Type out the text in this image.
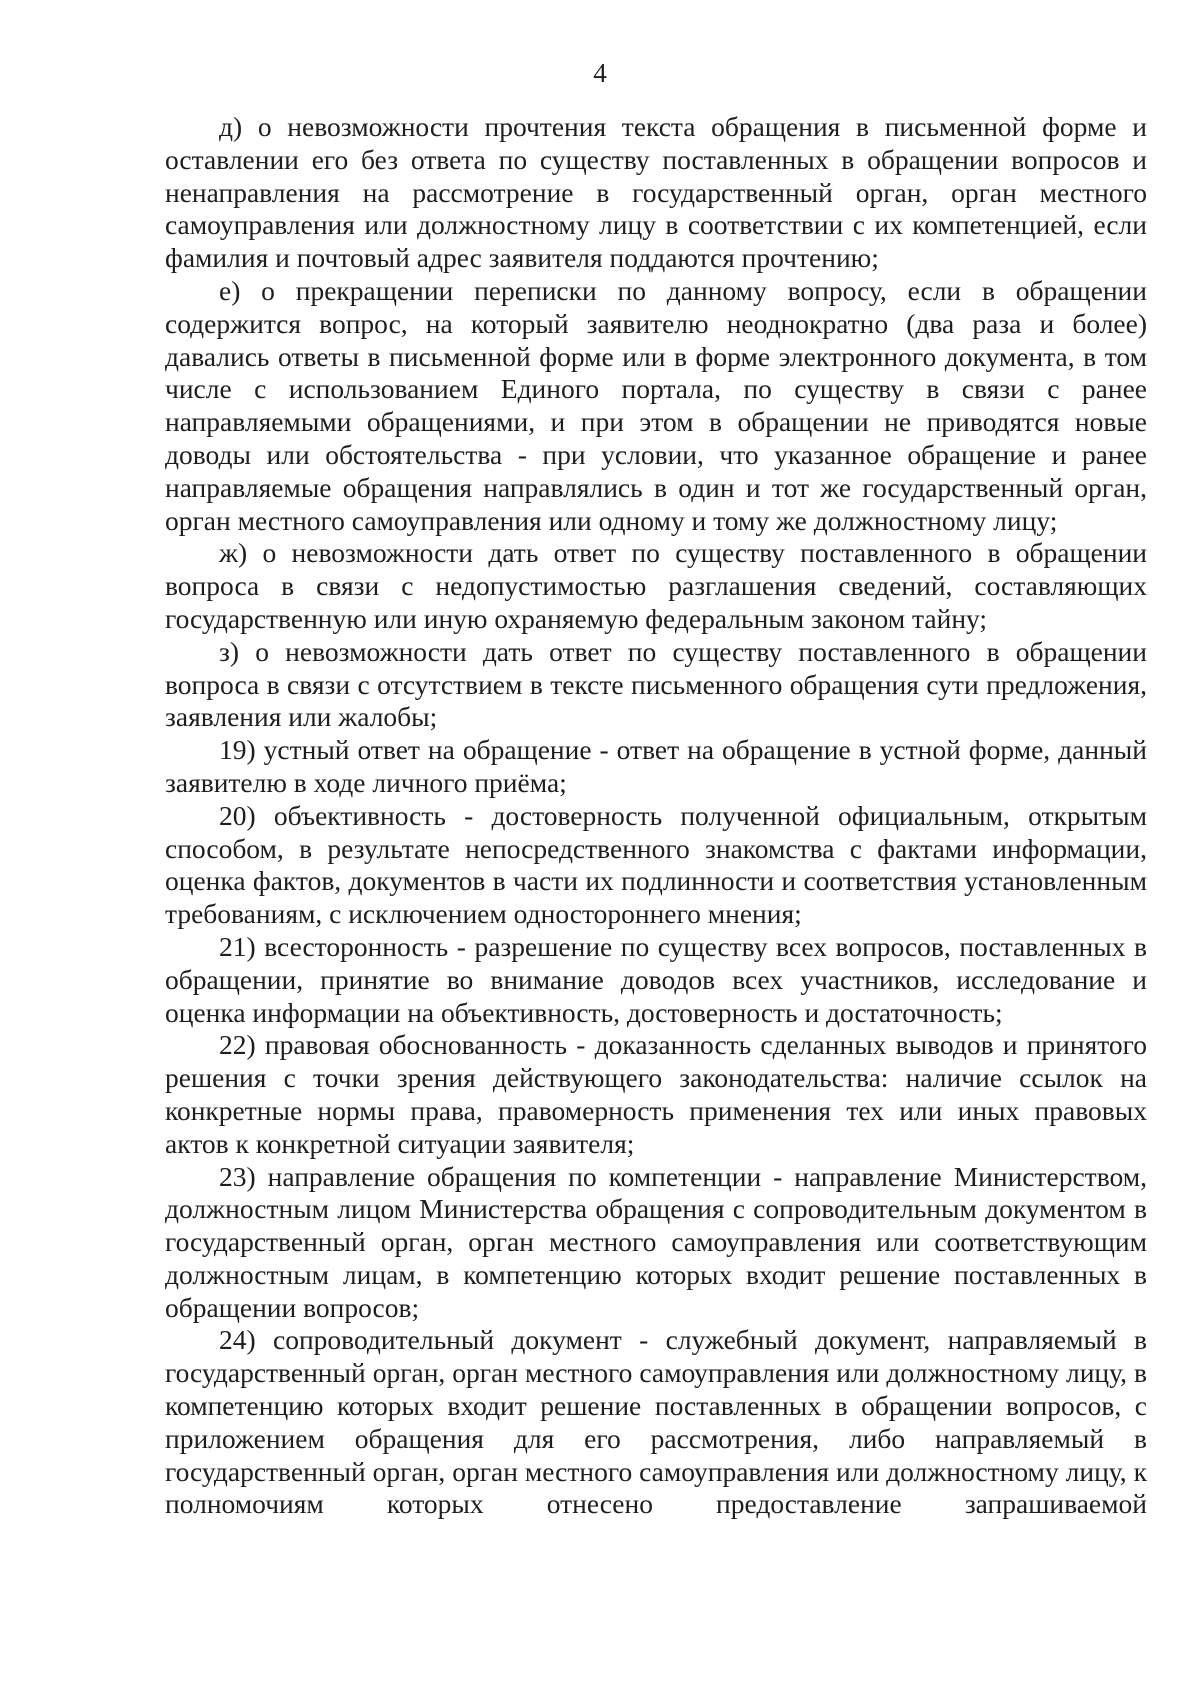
4

д) о невозможности прочтения текста обращения в письменной форме и оставлении его без ответа по существу поставленных в обращении вопросов и ненаправления на рассмотрение в государственный орган, орган местного самоуправления или должностному лицу в соответствии с их компетенцией, если фамилия и почтовый адрес заявителя поддаются прочтению;

е) о прекращении переписки по данному вопросу, если в обращении содержится вопрос, на который заявителю неоднократно (два раза и более) давались ответы в письменной форме или в форме электронного документа, в том числе с использованием Единого портала, по существу в связи с ранее направляемыми обращениями, и при этом в обращении не приводятся новые доводы или обстоятельства - при условии, что указанное обращение и ранее направляемые обращения направлялись в один и тот же государственный орган, орган местного самоуправления или одному и тому же должностному лицу;

ж) о невозможности дать ответ по существу поставленного в обращении вопроса в связи с недопустимостью разглашения сведений, составляющих государственную или иную охраняемую федеральным законом тайну;

з) о невозможности дать ответ по существу поставленного в обращении вопроса в связи с отсутствием в тексте письменного обращения сути предложения, заявления или жалобы;

19) устный ответ на обращение - ответ на обращение в устной форме, данный заявителю в ходе личного приёма;

20) объективность - достоверность полученной официальным, открытым способом, в результате непосредственного знакомства с фактами информации, оценка фактов, документов в части их подлинности и соответствия установленным требованиям, с исключением одностороннего мнения;

21) всесторонность - разрешение по существу всех вопросов, поставленных в обращении, принятие во внимание доводов всех участников, исследование и оценка информации на объективность, достоверность и достаточность;

22) правовая обоснованность - доказанность сделанных выводов и принятого решения с точки зрения действующего законодательства: наличие ссылок на конкретные нормы права, правомерность применения тех или иных правовых актов к конкретной ситуации заявителя;

23) направление обращения по компетенции - направление Министерством, должностным лицом Министерства обращения с сопроводительным документом в государственный орган, орган местного самоуправления или соответствующим должностным лицам, в компетенцию которых входит решение поставленных в обращении вопросов;

24) сопроводительный документ - служебный документ, направляемый в государственный орган, орган местного самоуправления или должностному лицу, в компетенцию которых входит решение поставленных в обращении вопросов, с приложением обращения для его рассмотрения, либо направляемый в государственный орган, орган местного самоуправления или должностному лицу, к полномочиям которых отнесено предоставление запрашиваемой
